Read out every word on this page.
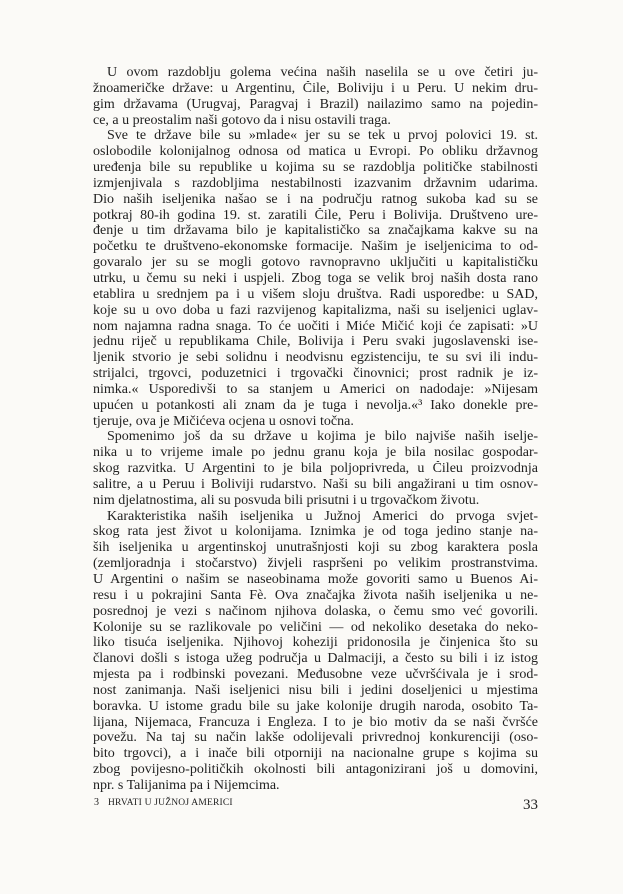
U ovom razdoblju golema većina naših naselila se u ove četiri ju-
žnoameričke države: u Argentinu, Čile, Boliviju i u Peru. U nekim dru-
gim državama (Urugvaj, Paragvaj i Brazil) nailazimo samo na pojedin-
ce, a u preostalim naši gotovo da i nisu ostavili traga.
Sve te države bile su »mlade« jer su se tek u prvoj polovici 19. st.
oslobodile kolonijalnog odnosa od matica u Evropi. Po obliku državnog
uređenja bile su republike u kojima su se razdoblja političke stabilnosti
izmjenjivala s razdobljima nestabilnosti izazvanim državnim udarima.
Dio naših iseljenika našao se i na području ratnog sukoba kad su se
potkraj 80-ih godina 19. st. zaratili Čile, Peru i Bolivija. Društveno ure-
đenje u tim državama bilo je kapitalističko sa značajkama kakve su na
početku te društveno-ekonomske formacije. Našim je iseljenicima to od-
govaralo jer su se mogli gotovo ravnopravno uključiti u kapitalističku
utrku, u čemu su neki i uspjeli. Zbog toga se velik broj naših dosta rano
etablira u srednjem pa i u višem sloju društva. Radi usporedbe: u SAD,
koje su u ovo doba u fazi razvijenog kapitalizma, naši su iseljenici uglav-
nom najamna radna snaga. To će uočiti i Miće Mičić koji će zapisati: »U
jednu riječ u republikama Chile, Bolivija i Peru svaki jugoslavenski ise-
ljenik stvorio je sebi solidnu i neodvisnu egzistenciju, te su svi ili indu-
strijalci, trgovci, poduzetnici i trgovački činovnici; prost radnik je iz-
nimka.« Usporedivši to sa stanjem u Americi on nadodaje: »Nijesam
upućen u potankosti ali znam da je tuga i nevolja.«³ Iako donekle pre-
tjeruje, ova je Mičićeva ocjena u osnovi točna.
Spomenimo još da su države u kojima je bilo najviše naših iselje-
nika u to vrijeme imale po jednu granu koja je bila nosilac gospodar-
skog razvitka. U Argentini to je bila poljoprivreda, u Čileu proizvodnja
salitre, a u Peruu i Boliviji rudarstvo. Naši su bili angažirani u tim osnov-
nim djelatnostima, ali su posvuda bili prisutni i u trgovačkom životu.
Karakteristika naših iseljenika u Južnoj Americi do prvoga svjet-
skog rata jest život u kolonijama. Iznimka je od toga jedino stanje na-
ših iseljenika u argentinskoj unutrašnjosti koji su zbog karaktera posla
(zemljoradnja i stočarstvo) živjeli raspršeni po velikim prostranstvima.
U Argentini o našim se naseobinama može govoriti samo u Buenos Ai-
resu i u pokrajini Santa Fè. Ova značajka života naših iseljenika u ne-
posrednoj je vezi s načinom njihova dolaska, o čemu smo već govorili.
Kolonije su se razlikovale po veličini — od nekoliko desetaka do neko-
liko tisuća iseljenika. Njihovoj koheziji pridonosila je činjenica što su
članovi došli s istoga užeg područja u Dalmaciji, a često su bili i iz istog
mjesta pa i rodbinski povezani. Međusobne veze učvršćivala je i srod-
nost zanimanja. Naši iseljenici nisu bili i jedini doseljenici u mjestima
boravka. U istome gradu bile su jake kolonije drugih naroda, osobito Ta-
lijana, Nijemaca, Francuza i Engleza. I to je bio motiv da se naši čvršće
povežu. Na taj su način lakše odolijevali privrednoj konkurenciji (oso-
bito trgovci), a i inače bili otporniji na nacionalne grupe s kojima su
zbog povijesno-političkih okolnosti bili antagonizirani još u domovini,
npr. s Talijanima pa i Nijemcima.
3 HRVATI U JUŽNOJ AMERICI	33
